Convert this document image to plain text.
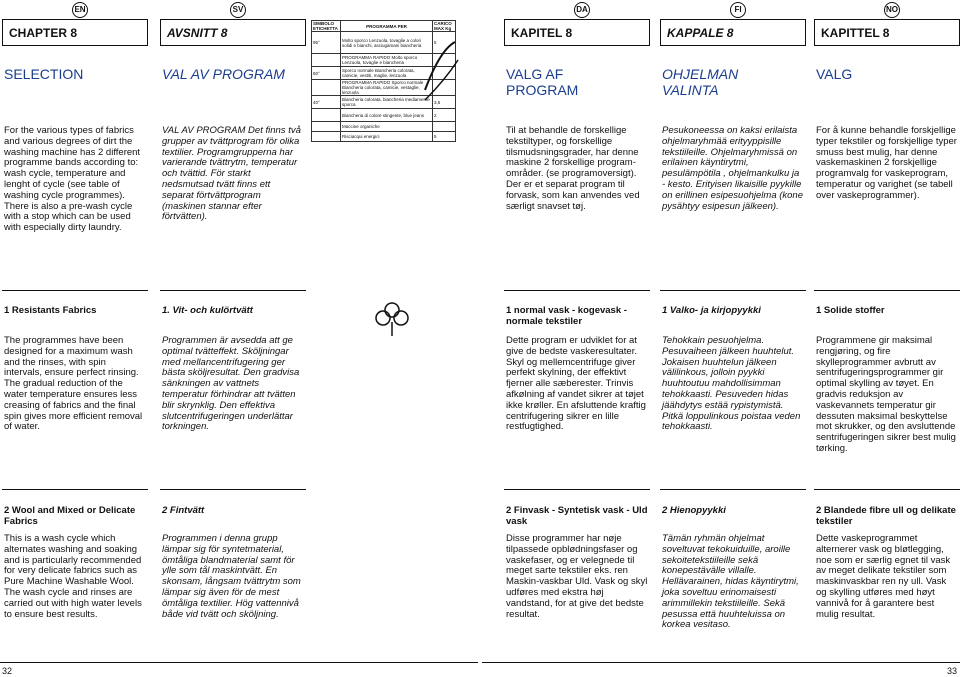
EN
CHAPTER 8
SELECTION
For the various types of fabrics and various degrees of dirt the washing machine has 2 different programme bands according to: wash cycle, temperature and lenght of cycle (see table of washing cycle programmes). There is also a pre-wash cycle with a stop which can be used with especially dirty laundry.
1 Resistants Fabrics
The programmes have been designed for a maximum wash and the rinses, with spin intervals, ensure perfect rinsing. The gradual reduction of the water temperature ensures less creasing of fabrics and the final spin gives more efficient removal of water.
2 Wool and Mixed or Delicate Fabrics
This is a wash cycle which alternates washing and soaking and is particularly recommended for very delicate fabrics such as Pure Machine Washable Wool. The wash cycle and rinses are carried out with high water levels to ensure best results.
SV
AVSNITT 8
VAL AV PROGRAM
VAL AV PROGRAM Det finns två grupper av tvättprogram för olika textilier. Programgrupperna har varierande tvättrytm, temperatur och tvättid. För starkt nedsmutsad tvätt finns ett separat förtvättprogram (maskinen stannar efter förtvätten).
1. Vit- och kulörtvätt
Programmen är avsedda att ge optimal tvätteffekt. Sköljningar med mellancentrifugering ger bästa sköljresultat. Den gradvisa sänkningen av vattnets temperatur förhindrar att tvätten blir skrynklig. Den effektiva slutcentrifugeringen underlättar torkningen.
2 Fintvätt
Programmen i denna grupp lämpar sig för syntetmaterial, ömtåliga blandmaterial samt för ylle som tål maskintvätt. En skonsam, långsam tvättrytm som lämpar sig även för de mest ömtåliga textilier. Hög vattennivå både vid tvätt och sköljning.
SIMBOLO ETICHETTA	PROGRAMMA PER	CARICO MAX Kg
95°	Molto sporco Lenzuola, tovaglie a colori solidi e bianchi, asciugamani biancheria	5
	PROGRAMMA RAPIDO Molto sporco Lenzuola, tovaglie e biancheria	
60°	Sporco normale Biancheria colorata, camicie, vestiti, maglie, lenzuola	
	PROGRAMMA RAPIDO Sporco normale Biancheria colorata, camicie, vestaglie, lenzuola	
40°	Biancheria colorata, biancheria mediamente sporca	3,5
	Biancheria di colore stingente, blue jeans	2
	Maccine organiche	
	Risciacqui energici	5
DA
KAPITEL 8
VALG AF PROGRAM
Til at behandle de forskellige tekstiltyper, og forskellige tilsmudsningsgrader, har denne maskine 2 forskellige program-områder. (se programoversigt). Der er et separat program til forvask, som kan anvendes ved særligt snavset tøj.
1 normal vask - kogevask - normale tekstiler
Dette program er udviklet for at give de bedste vaskeresultater. Skyl og mellemcentrifuge giver perfekt skylning, der effektivt fjerner alle sæberester. Trinvis afkølning af vandet sikrer at tøjet ikke krøller. En afsluttende kraftig centrifugering sikrer en lille restfugtighed.
2 Finvask - Syntetisk vask - Uld vask
Disse programmer har nøje tilpassede opblødningsfaser og vaskefaser, og er velegnede til meget sarte tekstiler eks. ren Maskin-vaskbar Uld. Vask og skyl udføres med ekstra høj vandstand, for at give det bedste resultat.
FI
KAPPALE 8
OHJELMAN VALINTA
Pesukoneessa on kaksi erilaista ohjelmaryhmää erityyppisille tekstiileille. Ohjelmaryhmissä on erilainen käyntirytmi, pesulämpötila , ohjelmankulku ja - kesto. Erityisen likaisille pyykille on erillinen esipesuohjelma (kone pysähtyy esipesun jälkeen).
1 Valko- ja kirjopyykki
Tehokkain pesuohjelma. Pesuvaiheen jälkeen huuhtelut. Jokaisen huuhtelun jälkeen välilinkous, jolloin pyykki huuhtoutuu mahdollisimman tehokkaasti. Pesuveden hidas jäähdytys estää rypistymistä. Pitkä loppulinkous poistaa veden tehokkaasti.
2 Hienopyykki
Tämän ryhmän ohjelmat soveltuvat tekokuiduille, aroille sekoitetekstiileille sekä konepestävälle villalle. Hellävarainen, hidas käyntirytmi, joka soveltuu erinomaisesti arimmillekin tekstiileille. Sekä pesussa että huuhteluissa on korkea vesitaso.
NO
KAPITTEL 8
VALG
For å kunne behandle forskjellige typer tekstiler og forskjellige typer smuss best mulig, har denne vaskemaskinen 2 forskjellige programvalg for vaskeprogram, temperatur og varighet (se tabell over vaskeprogrammer).
1 Solide stoffer
Programmene gir maksimal rengjøring, og fire skylleprogrammer avbrutt av sentrifugeringsprogrammer gir optimal skylling av tøyet. En gradvis reduksjon av vaskevannets temperatur gir dessuten maksimal beskyttelse mot skrukker, og den avsluttende sentrifugeringen sikrer best mulig tørking.
2 Blandede fibre ull og delikate tekstiler
Dette vaskeprogrammet alternerer vask og bløtlegging, noe som er særlig egnet til vask av meget delikate tekstiler som maskinvaskbar ren ny ull. Vask og skylling utføres med høyt vannivå for å garantere best mulig resultat.
32	33
